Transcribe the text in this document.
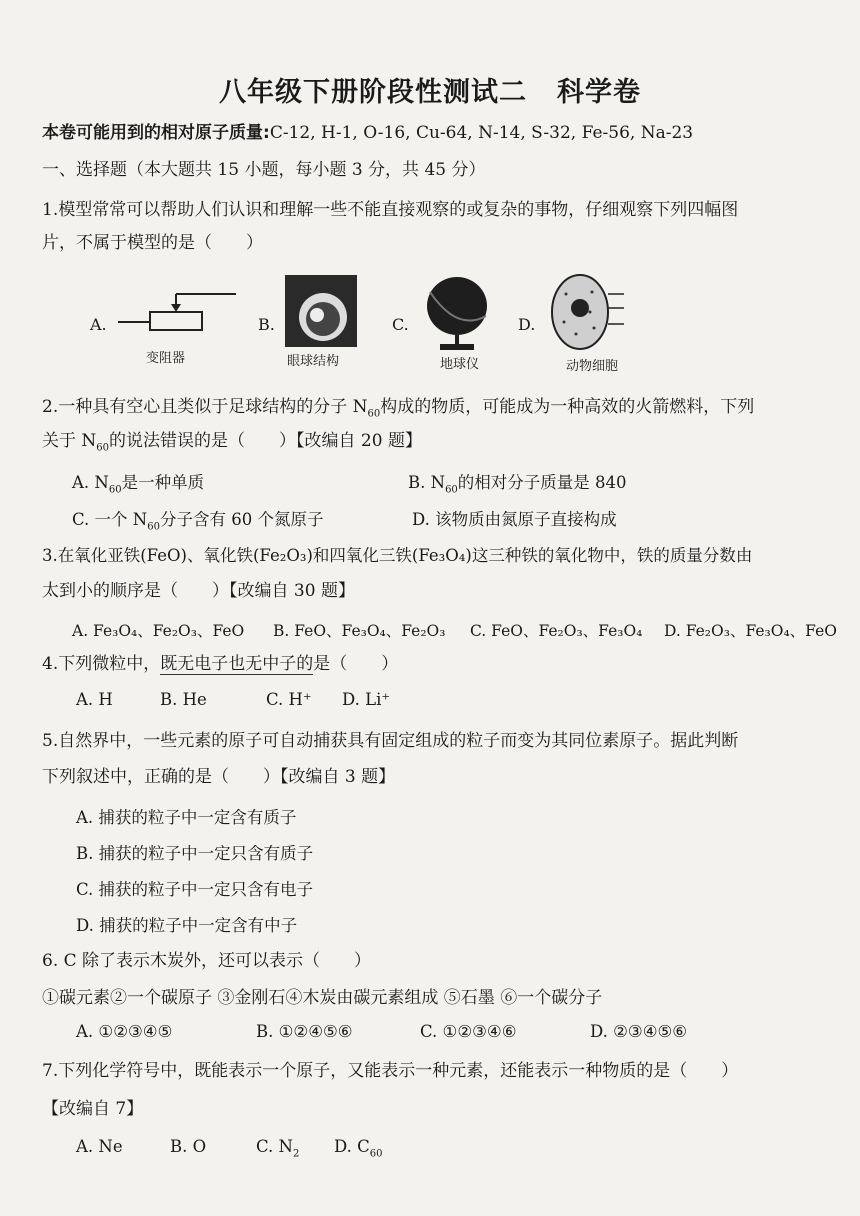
八年级下册阶段性测试二 科学卷
本卷可能用到的相对原子质量:C-12, H-1, O-16, Cu-64, N-14, S-32, Fe-56, Na-23
一、选择题（本大题共 15 小题，每小题 3 分，共 45 分）
1.模型常常可以帮助人们认识和理解一些不能直接观察的或复杂的事物，仔细观察下列四幅图
片，不属于模型的是（　　）
A.
变阻器
B.
眼球结构
C.
地球仪
D.
动物细胞
2.一种具有空心且类似于足球结构的分子 $N_{60}$构成的物质，可能成为一种高效的火箭燃料，下列
关于 $N_{60}$的说法错误的是（　　）【改编自 20 题】
A. $N_{60}$是一种单质	B. $N_{60}$的相对分子质量是 840
C. 一个 $N_{60}$分子含有 60 个氮原子	D. 该物质由氮原子直接构成
3.在氧化亚铁(FeO)、氧化铁(Fe₂O₃)和四氧化三铁(Fe₃O₄)这三种铁的氧化物中，铁的质量分数由
太到小的顺序是（　　）【改编自 30 题】
A. Fe₃O₄、Fe₂O₃、FeO B. FeO、Fe₃O₄、Fe₂O₃ C. FeO、Fe₂O₃、Fe₃O₄ D. Fe₂O₃、Fe₃O₄、FeO
4.下列微粒中，既无电子也无中子的是（　　）
A. H	B. He	C. H⁺ D. Li⁺
5.自然界中，一些元素的原子可自动捕获具有固定组成的粒子而变为其同位素原子。据此判断
下列叙述中，正确的是（　　）【改编自 3 题】
A. 捕获的粒子中一定含有质子
B. 捕获的粒子中一定只含有质子
C. 捕获的粒子中一定只含有电子
D. 捕获的粒子中一定含有中子
6. C 除了表示木炭外，还可以表示（　　）
①碳元素②一个碳原子 ③金刚石④木炭由碳元素组成 ⑤石墨 ⑥一个碳分子
A. ①②③④⑤	B. ①②④⑤⑥	C. ①②③④⑥	D. ②③④⑤⑥
7.下列化学符号中，既能表示一个原子，又能表示一种元素，还能表示一种物质的是（　　）
【改编自 7】
A. Ne	B. O	C. $N_2$ D. $C_{60}$
